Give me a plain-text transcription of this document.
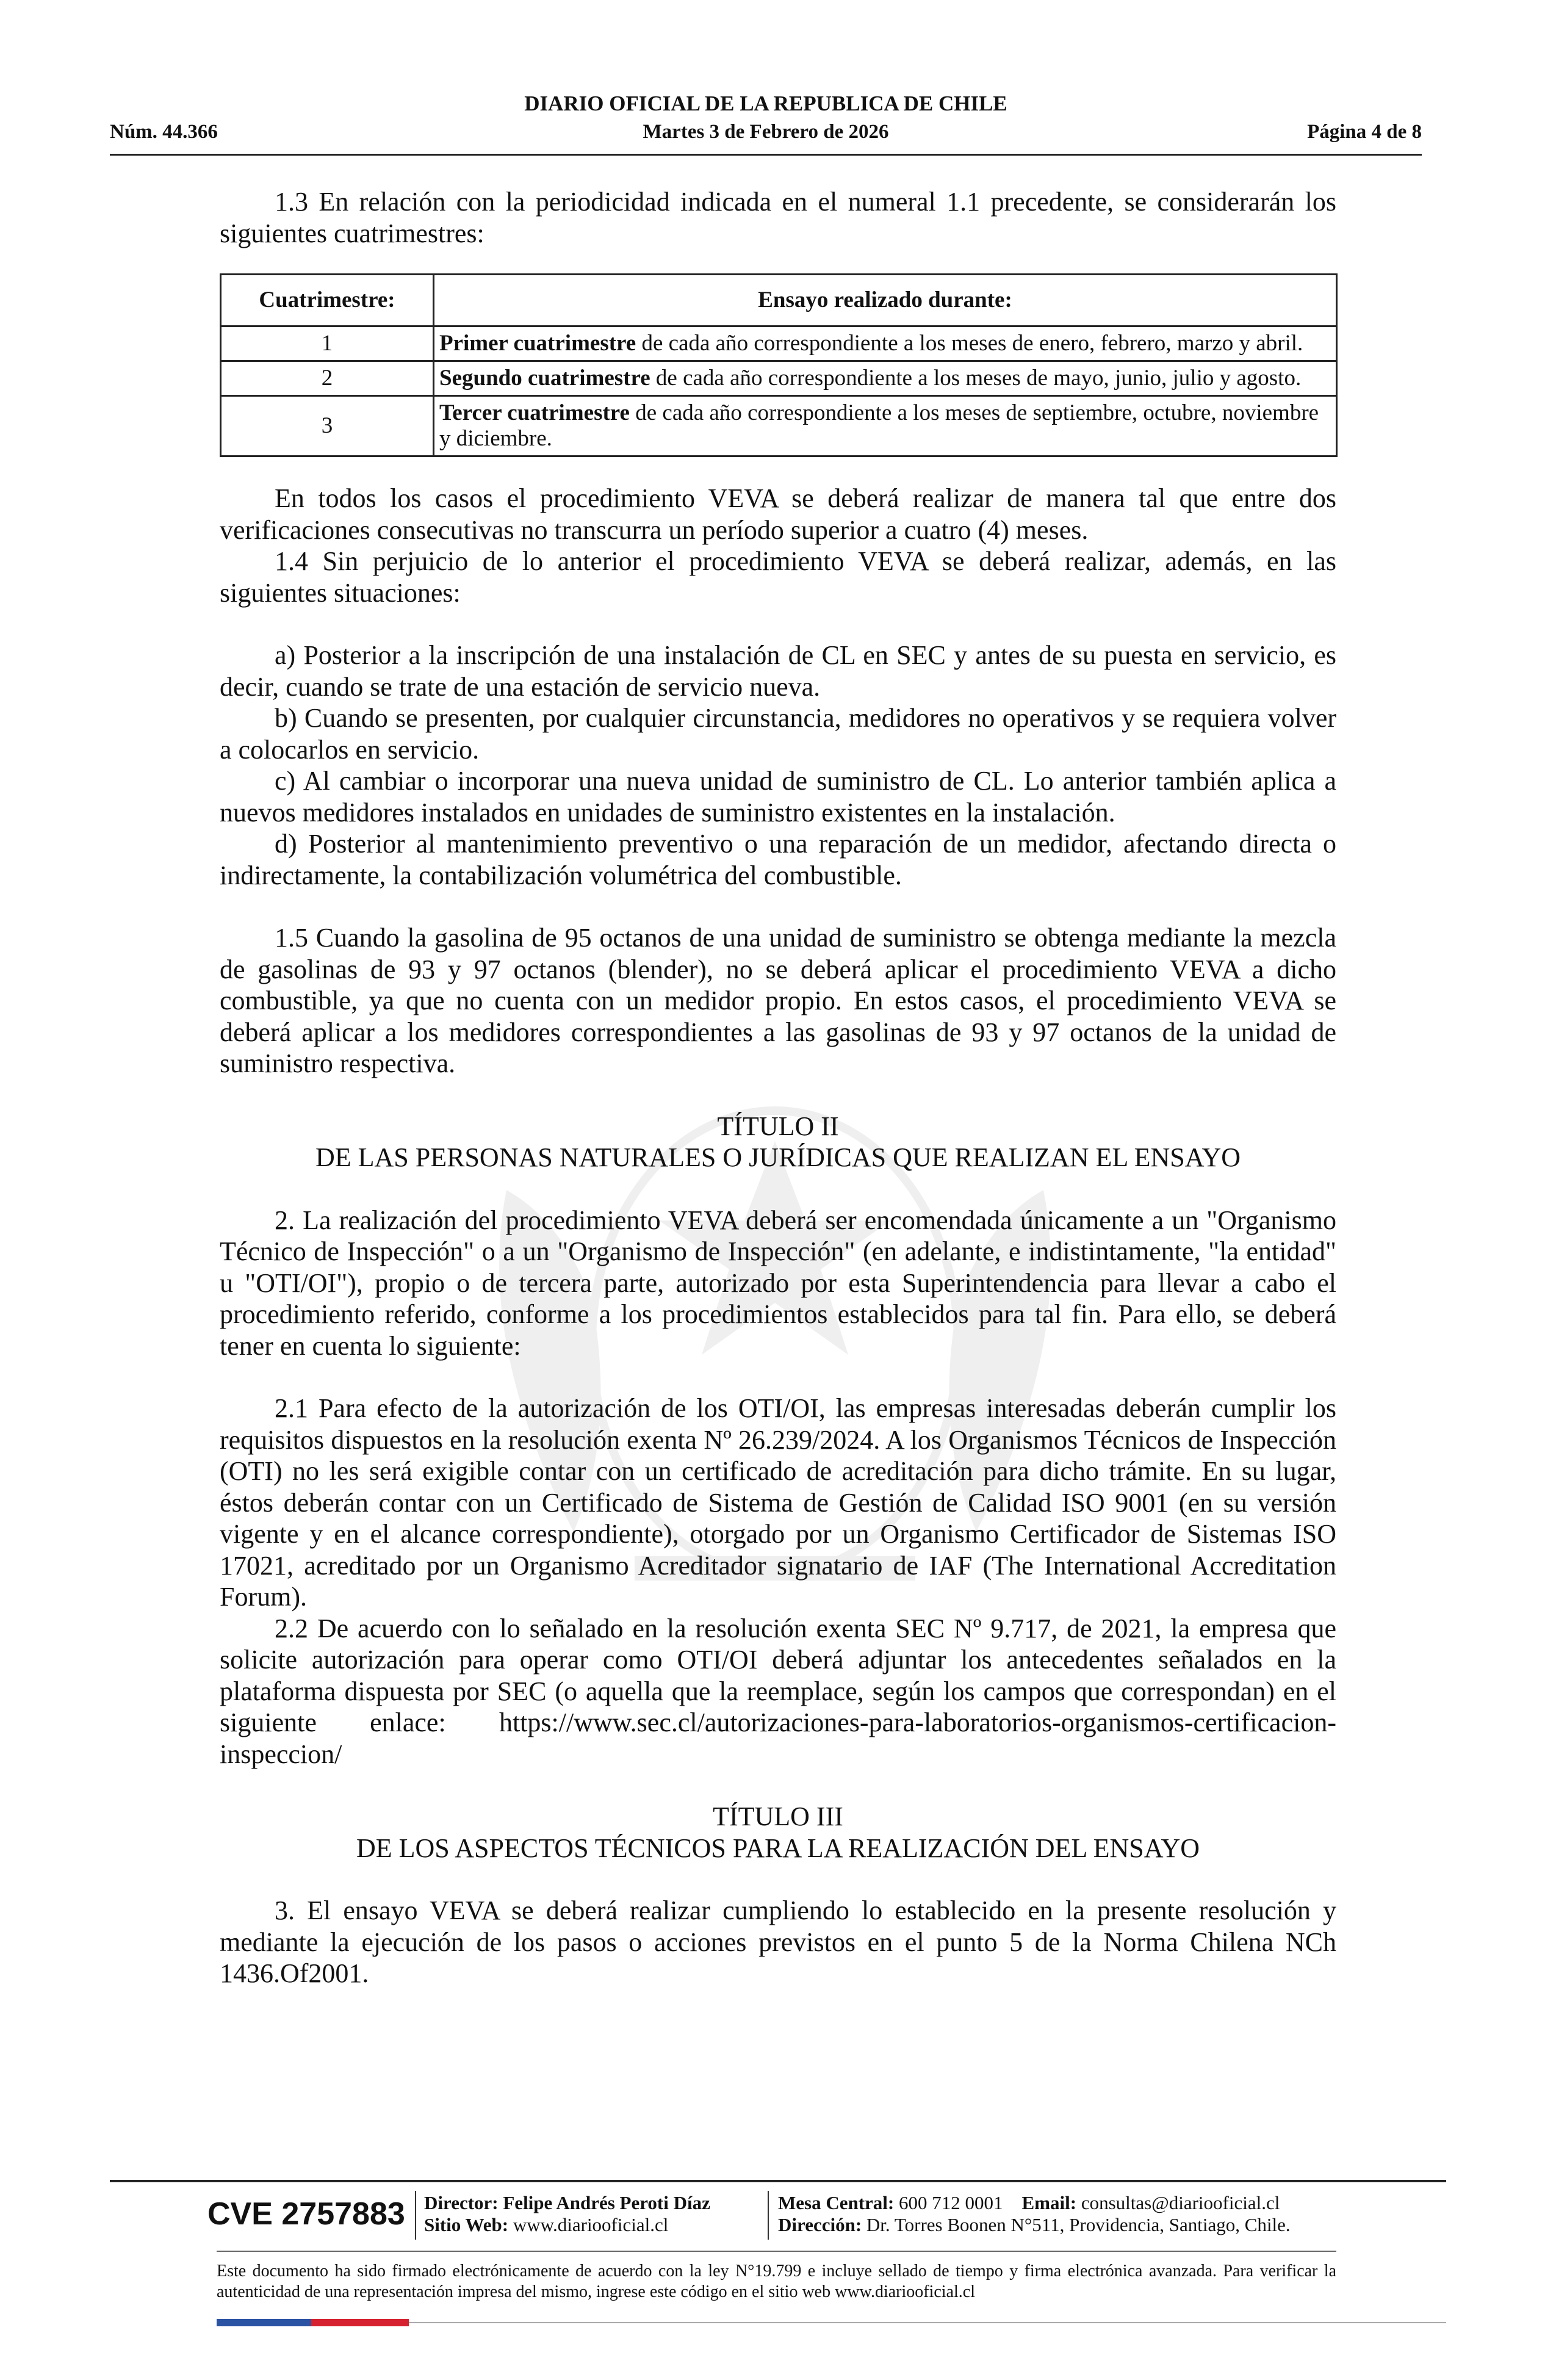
DIARIO OFICIAL DE LA REPUBLICA DE CHILE
Núm. 44.366	Martes 3 de Febrero de 2026	Página 4 de 8

1.3 En relación con la periodicidad indicada en el numeral 1.1 precedente, se considerarán los siguientes cuatrimestres:

Cuatrimestre:	Ensayo realizado durante:
1	Primer cuatrimestre de cada año correspondiente a los meses de enero, febrero, marzo y abril.
2	Segundo cuatrimestre de cada año correspondiente a los meses de mayo, junio, julio y agosto.
3	Tercer cuatrimestre de cada año correspondiente a los meses de septiembre, octubre, noviembre y diciembre.

En todos los casos el procedimiento VEVA se deberá realizar de manera tal que entre dos verificaciones consecutivas no transcurra un período superior a cuatro (4) meses.

1.4 Sin perjuicio de lo anterior el procedimiento VEVA se deberá realizar, además, en las siguientes situaciones:

a) Posterior a la inscripción de una instalación de CL en SEC y antes de su puesta en servicio, es decir, cuando se trate de una estación de servicio nueva.

b) Cuando se presenten, por cualquier circunstancia, medidores no operativos y se requiera volver a colocarlos en servicio.

c) Al cambiar o incorporar una nueva unidad de suministro de CL. Lo anterior también aplica a nuevos medidores instalados en unidades de suministro existentes en la instalación.

d) Posterior al mantenimiento preventivo o una reparación de un medidor, afectando directa o indirectamente, la contabilización volumétrica del combustible.

1.5 Cuando la gasolina de 95 octanos de una unidad de suministro se obtenga mediante la mezcla de gasolinas de 93 y 97 octanos (blender), no se deberá aplicar el procedimiento VEVA a dicho combustible, ya que no cuenta con un medidor propio. En estos casos, el procedimiento VEVA se deberá aplicar a los medidores correspondientes a las gasolinas de 93 y 97 octanos de la unidad de suministro respectiva.

TÍTULO II

DE LAS PERSONAS NATURALES O JURÍDICAS QUE REALIZAN EL ENSAYO

2. La realización del procedimiento VEVA deberá ser encomendada únicamente a un "Organismo Técnico de Inspección" o a un "Organismo de Inspección" (en adelante, e indistintamente, "la entidad" u "OTI/OI"), propio o de tercera parte, autorizado por esta Superintendencia para llevar a cabo el procedimiento referido, conforme a los procedimientos establecidos para tal fin. Para ello, se deberá tener en cuenta lo siguiente:

2.1 Para efecto de la autorización de los OTI/OI, las empresas interesadas deberán cumplir los requisitos dispuestos en la resolución exenta Nº 26.239/2024. A los Organismos Técnicos de Inspección (OTI) no les será exigible contar con un certificado de acreditación para dicho trámite. En su lugar, éstos deberán contar con un Certificado de Sistema de Gestión de Calidad ISO 9001 (en su versión vigente y en el alcance correspondiente), otorgado por un Organismo Certificador de Sistemas ISO 17021, acreditado por un Organismo Acreditador signatario de IAF (The International Accreditation Forum).

2.2 De acuerdo con lo señalado en la resolución exenta SEC Nº 9.717, de 2021, la empresa que solicite autorización para operar como OTI/OI deberá adjuntar los antecedentes señalados en la plataforma dispuesta por SEC (o aquella que la reemplace, según los campos que correspondan) en el siguiente enlace: https://www.sec.cl/autorizaciones-para-laboratorios-organismos-certificacion-inspeccion/

TÍTULO III

DE LOS ASPECTOS TÉCNICOS PARA LA REALIZACIÓN DEL ENSAYO

3. El ensayo VEVA se deberá realizar cumpliendo lo establecido en la presente resolución y mediante la ejecución de los pasos o acciones previstos en el punto 5 de la Norma Chilena NCh 1436.Of2001.

CVE 2757883 Director: Felipe Andrés Peroti Díaz
Sitio Web: www.diariooficial.cl
Mesa Central: 600 712 0001 Email: consultas@diariooficial.cl
Dirección: Dr. Torres Boonen N°511, Providencia, Santiago, Chile.
Este documento ha sido firmado electrónicamente de acuerdo con la ley N°19.799 e incluye sellado de tiempo y firma electrónica avanzada. Para verificar la autenticidad de una representación impresa del mismo, ingrese este código en el sitio web www.diariooficial.cl
